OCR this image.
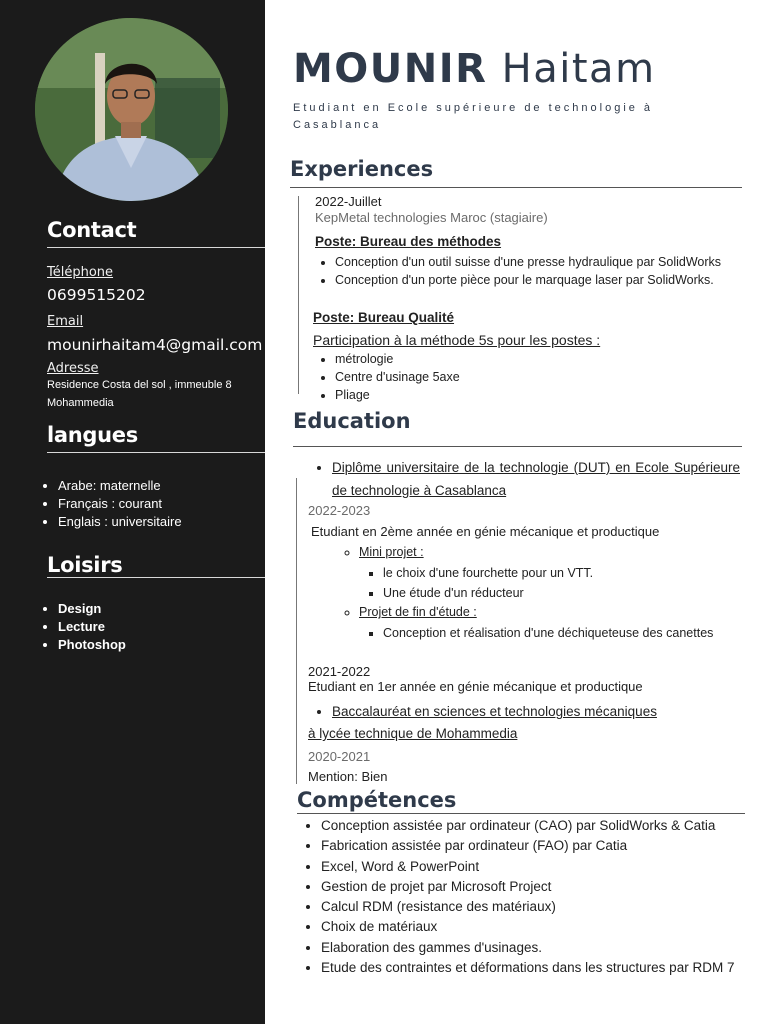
Contact
Téléphone
0699515202
Email
mounirhaitam4@gmail.com
Adresse
Residence Costa del sol , immeuble 8
Mohammedia
langues
• Arabe: maternelle
• Français : courant
• Englais : universitaire
Loisirs
• Design
• Lecture
• Photoshop
MOUNIR Haitam
Etudiant en Ecole supérieure de technologie à Casablanca
Experiences
2022-Juillet
KepMetal technologies Maroc (stagiaire)
Poste: Bureau des méthodes
• Conception d'un outil suisse d'une presse hydraulique par SolidWorks
• Conception d'un porte pièce pour le marquage laser par SolidWorks.
Poste: Bureau Qualité
Participation à la méthode 5s pour les postes :
• métrologie
• Centre d'usinage 5axe
• Pliage
Education
• Diplôme universitaire de la technologie (DUT) en Ecole Supérieure de technologie à Casablanca
2022-2023
Etudiant en 2ème année en génie mécanique et productique
◦ Mini projet :
▪ le choix d'une fourchette pour un VTT.
▪ Une étude d'un réducteur
◦ Projet de fin d'étude :
▪ Conception et réalisation d'une déchiqueteuse des canettes
2021-2022
Etudiant en 1er année en génie mécanique et productique
• Baccalauréat en sciences et technologies mécaniques
à lycée technique de Mohammedia
2020-2021
Mention: Bien
Compétences
• Conception assistée par ordinateur (CAO) par SolidWorks & Catia
• Fabrication assistée par ordinateur (FAO) par Catia
• Excel, Word & PowerPoint
• Gestion de projet par Microsoft Project
• Calcul RDM (resistance des matériaux)
• Choix de matériaux
• Elaboration des gammes d'usinages.
• Etude des contraintes et déformations dans les structures par RDM 7
